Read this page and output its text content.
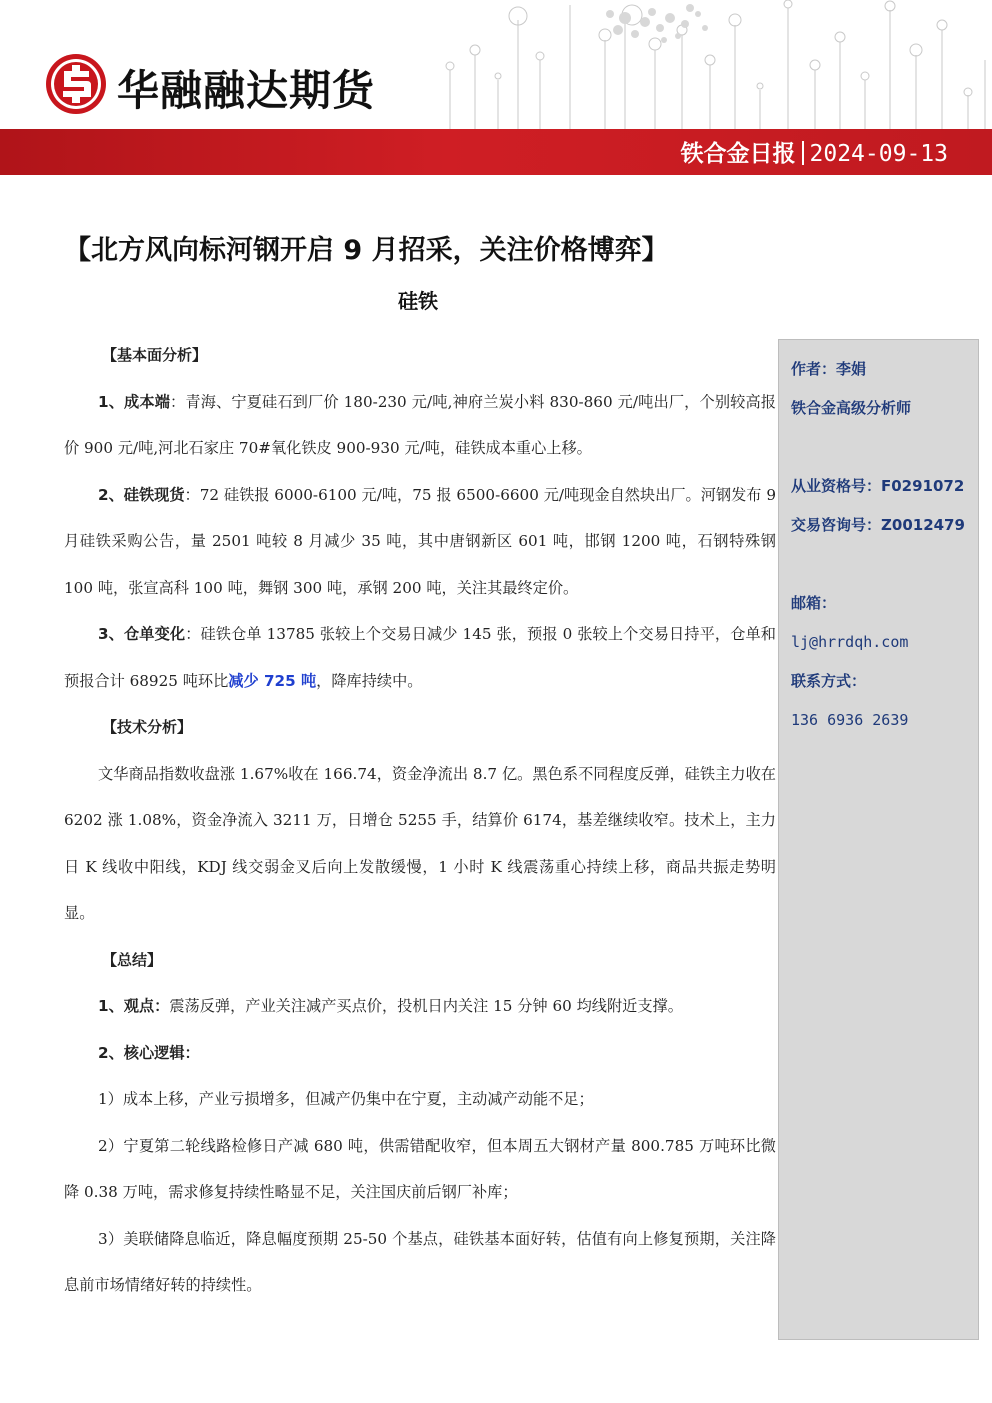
华融融达期货
铁合金日报 2024-09-13
【北方风向标河钢开启 9 月招采，关注价格博弈】
硅铁

【基本面分析】

1、成本端：青海、宁夏硅石到厂价 180-230 元/吨,神府兰炭小料 830-860 元/吨出厂，个别较高报价 900 元/吨,河北石家庄 70#氧化铁皮 900-930 元/吨，硅铁成本重心上移。

2、硅铁现货：72 硅铁报 6000-6100 元/吨，75 报 6500-6600 元/吨现金自然块出厂。河钢发布 9 月硅铁采购公告，量 2501 吨较 8 月减少 35 吨，其中唐钢新区 601 吨，邯钢 1200 吨，石钢特殊钢 100 吨，张宣高科 100 吨，舞钢 300 吨，承钢 200 吨，关注其最终定价。

3、仓单变化：硅铁仓单 13785 张较上个交易日减少 145 张，预报 0 张较上个交易日持平，仓单和预报合计 68925 吨环比减少 725 吨，降库持续中。

【技术分析】

文华商品指数收盘涨 1.67%收在 166.74，资金净流出 8.7 亿。黑色系不同程度反弹，硅铁主力收在 6202 涨 1.08%，资金净流入 3211 万，日增仓 5255 手，结算价 6174，基差继续收窄。技术上，主力日 K 线收中阳线，KDJ 线交弱金叉后向上发散缓慢，1 小时 K 线震荡重心持续上移，商品共振走势明显。

【总结】

1、观点：震荡反弹，产业关注减产买点价，投机日内关注 15 分钟 60 均线附近支撑。

2、核心逻辑：

1）成本上移，产业亏损增多，但减产仍集中在宁夏，主动减产动能不足；

2）宁夏第二轮线路检修日产减 680 吨，供需错配收窄，但本周五大钢材产量 800.785 万吨环比微降 0.38 万吨，需求修复持续性略显不足，关注国庆前后钢厂补库；

3）美联储降息临近，降息幅度预期 25-50 个基点，硅铁基本面好转，估值有向上修复预期，关注降息前市场情绪好转的持续性。

作者：李娟
铁合金高级分析师
从业资格号：F0291072
交易咨询号：Z0012479
邮箱：
lj@hrrdqh.com
联系方式：
136 6936 2639
